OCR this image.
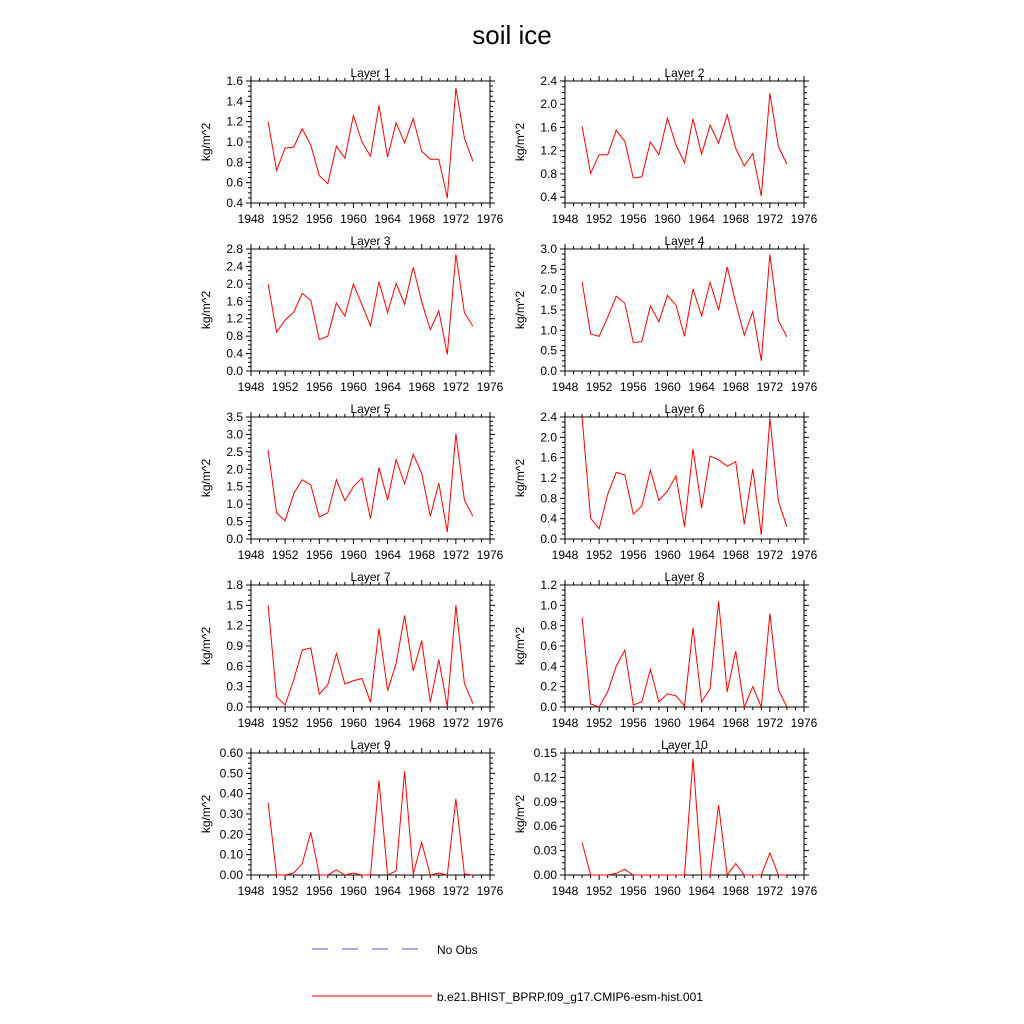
soil ice
Layer 1
kg/m^2
1948 1952 1956 1960 1964 1968 1972 1976
0.4
0.6
0.8
1.0
1.2
1.4
1.6
Layer 2
kg/m^2
1948 1952 1956 1960 1964 1968 1972 1976
0.4
0.8
1.2
1.6
2.0
2.4
Layer 3
kg/m^2
1948 1952 1956 1960 1964 1968 1972 1976
0.0
0.4
0.8
1.2
1.6
2.0
2.4
2.8
Layer 4
kg/m^2
1948 1952 1956 1960 1964 1968 1972 1976
0.0
0.5
1.0
1.5
2.0
2.5
3.0
Layer 5
kg/m^2
1948 1952 1956 1960 1964 1968 1972 1976
0.0
0.5
1.0
1.5
2.0
2.5
3.0
3.5
Layer 6
kg/m^2
1948 1952 1956 1960 1964 1968 1972 1976
0.0
0.4
0.8
1.2
1.6
2.0
2.4
Layer 7
kg/m^2
1948 1952 1956 1960 1964 1968 1972 1976
0.0
0.3
0.6
0.9
1.2
1.5
1.8
Layer 8
kg/m^2
1948 1952 1956 1960 1964 1968 1972 1976
0.0
0.2
0.4
0.6
0.8
1.0
1.2
Layer 9
kg/m^2
1948 1952 1956 1960 1964 1968 1972 1976
0.00
0.10
0.20
0.30
0.40
0.50
0.60
Layer 10
kg/m^2
1948 1952 1956 1960 1964 1968 1972 1976
0.00
0.03
0.06
0.09
0.12
0.15
No Obs
b.e21.BHIST_BPRP.f09_g17.CMIP6-esm-hist.001
